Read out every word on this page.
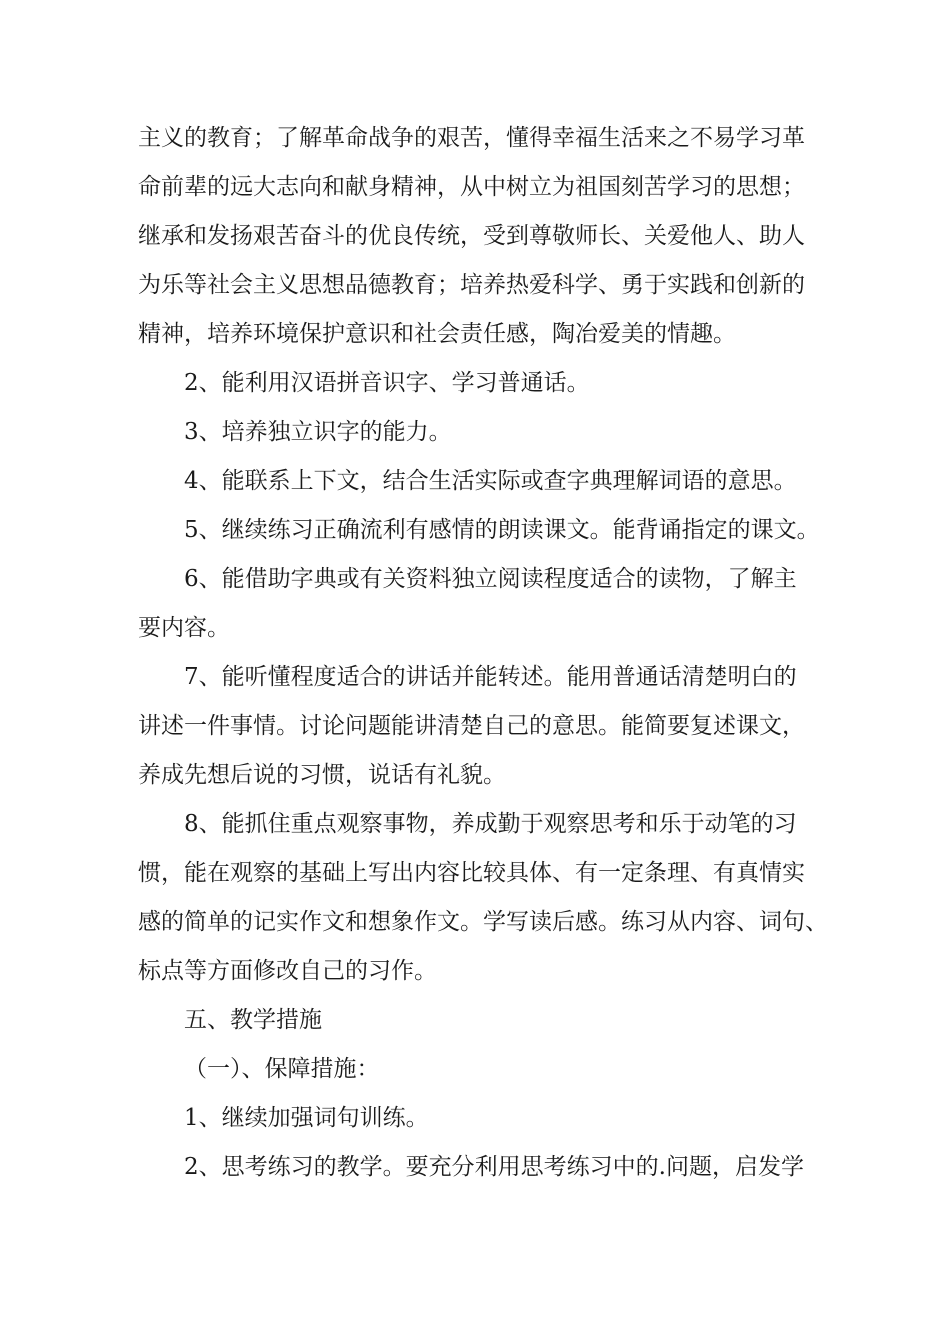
主义的教育；了解革命战争的艰苦，懂得幸福生活来之不易学习革
命前辈的远大志向和献身精神，从中树立为祖国刻苦学习的思想；
继承和发扬艰苦奋斗的优良传统，受到尊敬师长、关爱他人、助人
为乐等社会主义思想品德教育；培养热爱科学、勇于实践和创新的
精神，培养环境保护意识和社会责任感，陶冶爱美的情趣。
2、能利用汉语拼音识字、学习普通话。
3、培养独立识字的能力。
4、能联系上下文，结合生活实际或查字典理解词语的意思。
5、继续练习正确流利有感情的朗读课文。能背诵指定的课文。
6、能借助字典或有关资料独立阅读程度适合的读物，了解主
要内容。
7、能听懂程度适合的讲话并能转述。能用普通话清楚明白的
讲述一件事情。讨论问题能讲清楚自己的意思。能简要复述课文，
养成先想后说的习惯，说话有礼貌。
8、能抓住重点观察事物，养成勤于观察思考和乐于动笔的习
惯，能在观察的基础上写出内容比较具体、有一定条理、有真情实
感的简单的记实作文和想象作文。学写读后感。练习从内容、词句、
标点等方面修改自己的习作。
五、教学措施
（一）、保障措施：
1、继续加强词句训练。
2、思考练习的教学。要充分利用思考练习中的.问题，启发学
